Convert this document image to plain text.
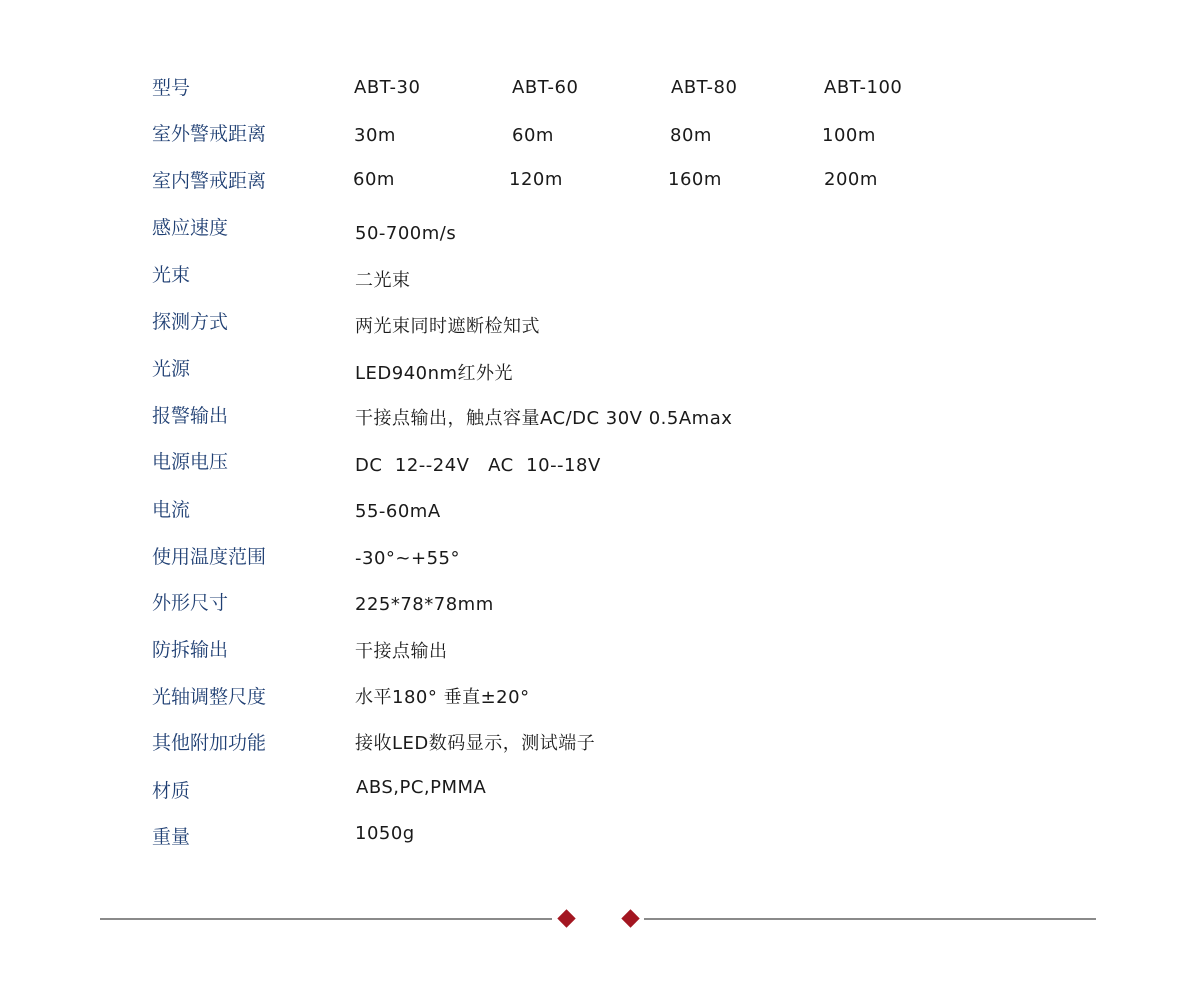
型号	ABT-30	ABT-60	ABT-80	ABT-100
室外警戒距离	30m	60m	80m	100m
室内警戒距离	60m	120m	160m	200m
感应速度	50-700m/s
光束	二光束
探测方式	两光束同时遮断检知式
光源	LED940nm红外光
报警输出	干接点输出，触点容量AC/DC 30V 0.5Amax
电源电压	DC  12--24V   AC  10--18V
电流	55-60mA
使用温度范围	-30°~+55°
外形尺寸	225*78*78mm
防拆输出	干接点输出
光轴调整尺度	水平180° 垂直±20°
其他附加功能	接收LED数码显示，测试端子
材质	ABS,PC,PMMA
重量	1050g
